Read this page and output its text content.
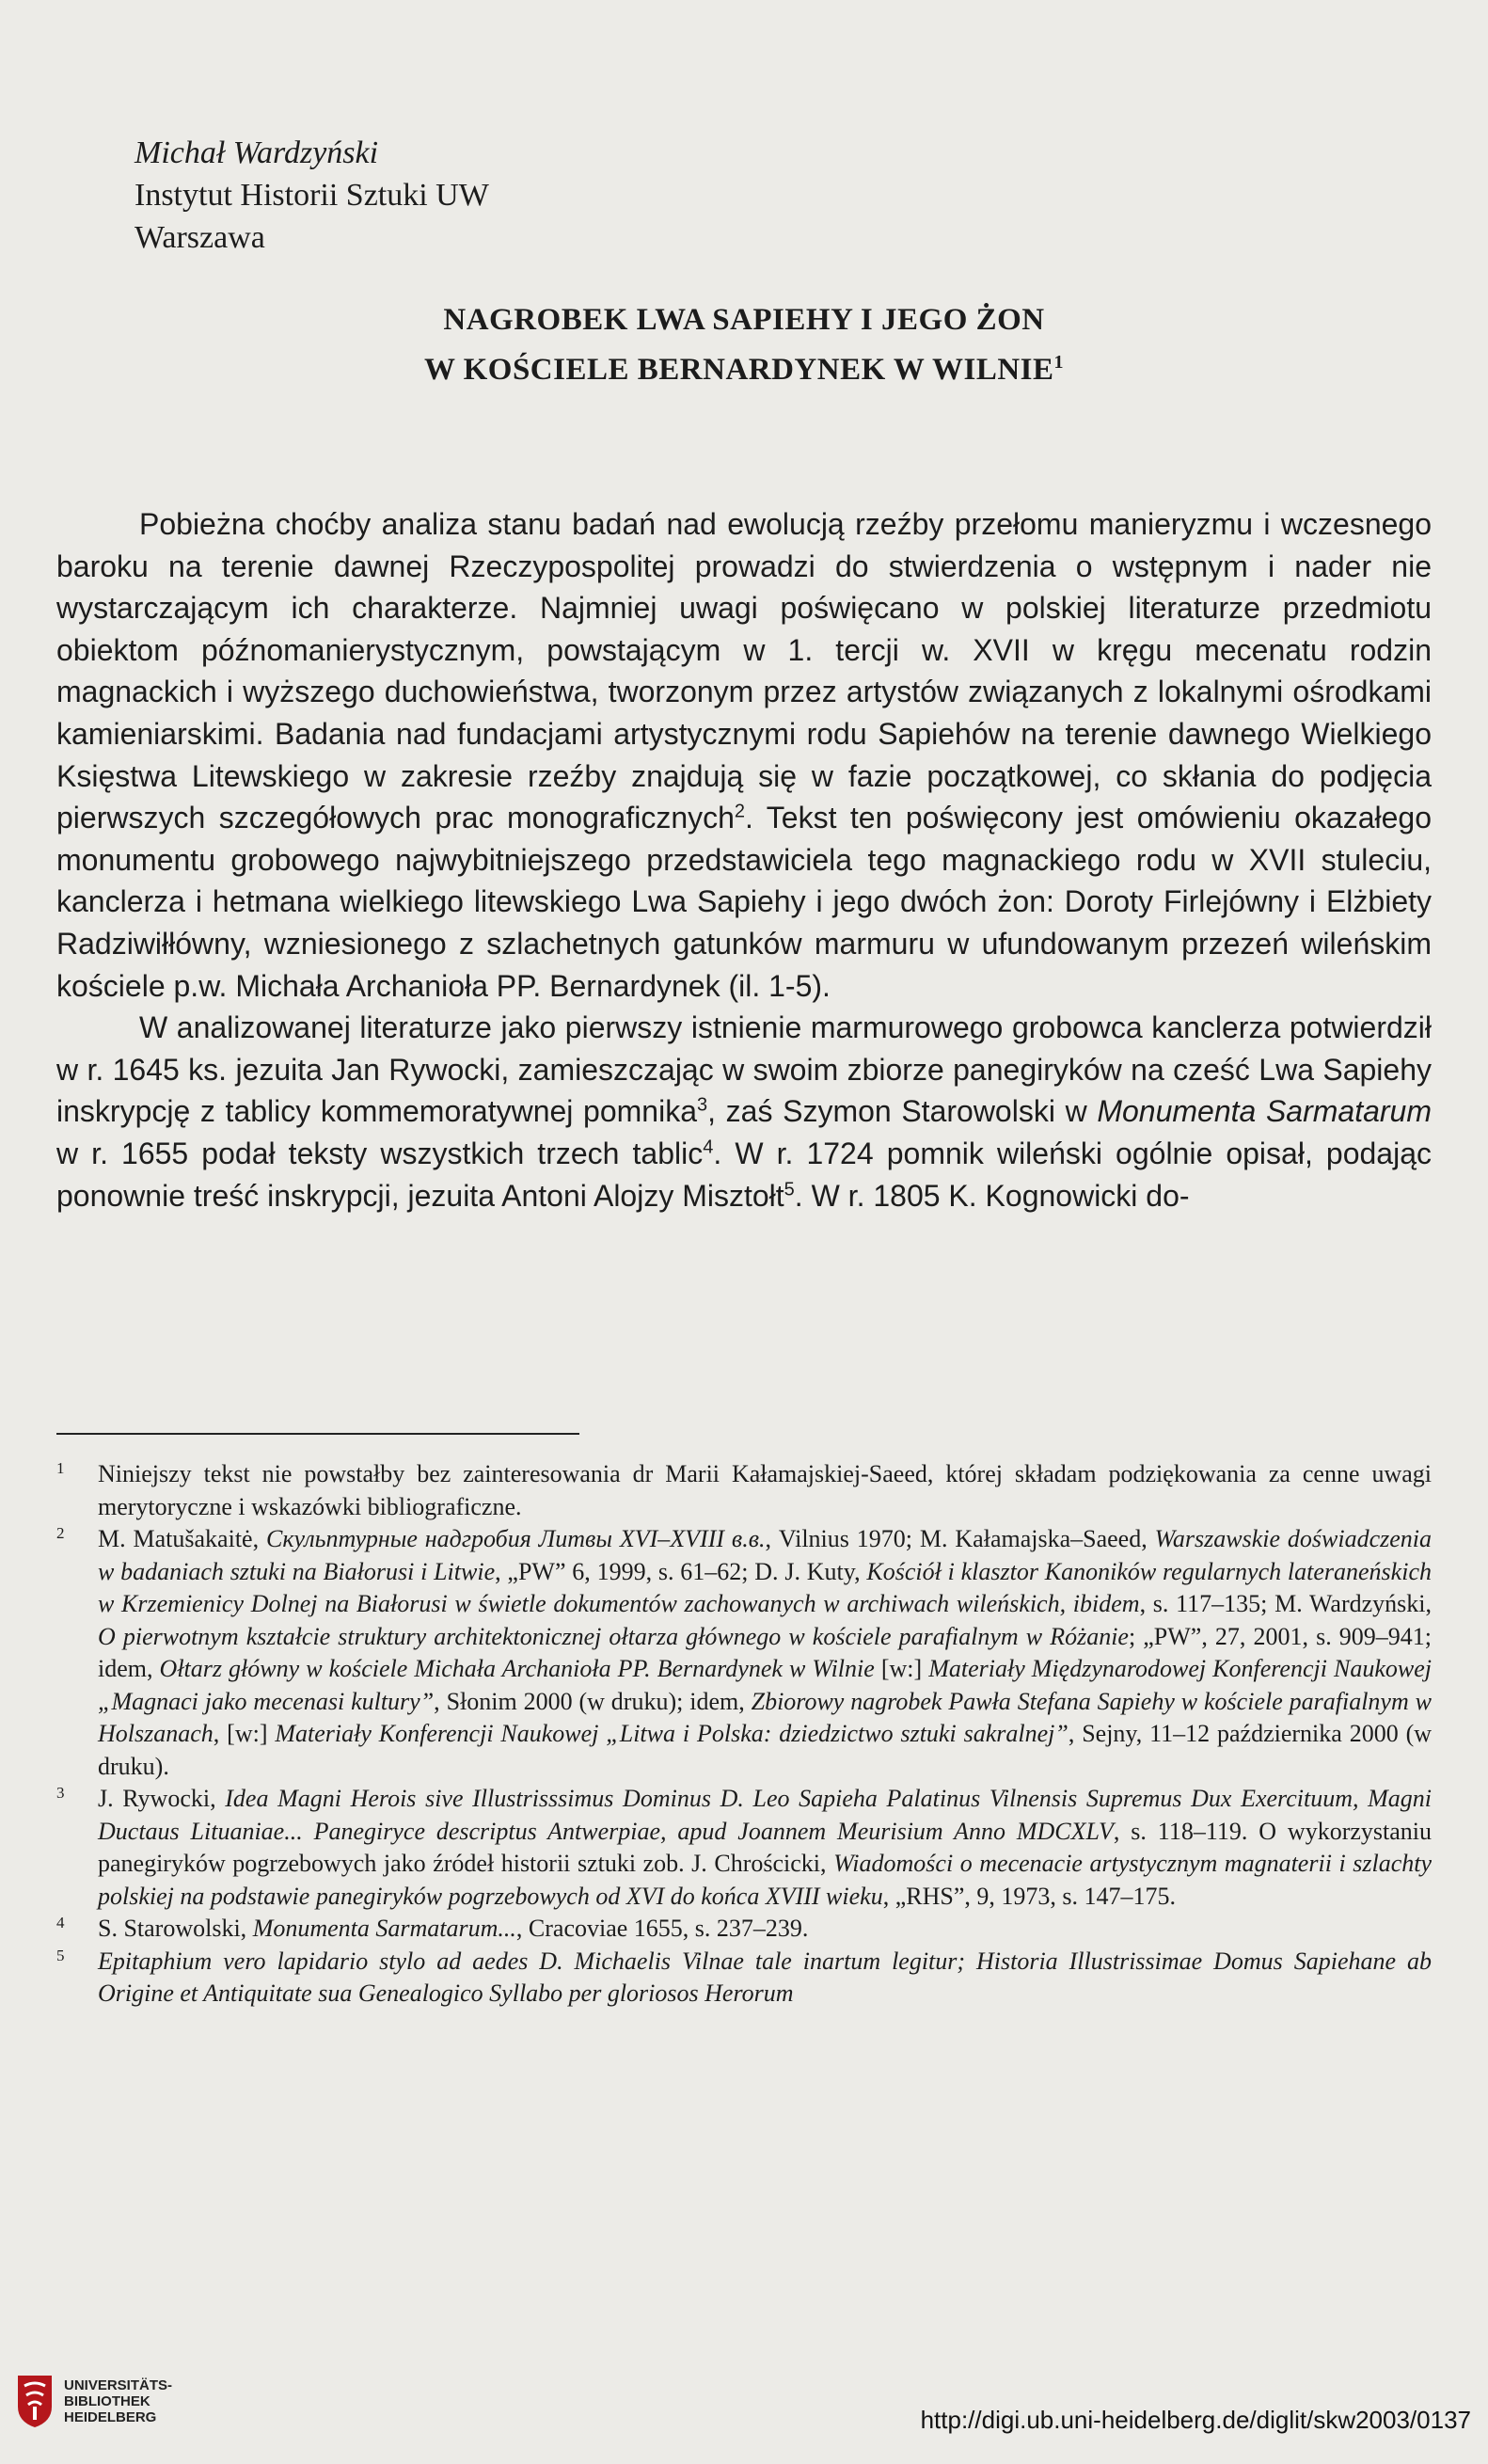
Michał Wardzyński
Instytut Historii Sztuki UW
Warszawa
NAGROBEK LWA SAPIEHY I JEGO ŻON
W KOŚCIELE BERNARDYNEK W WILNIE$^1$

Pobieżna choćby analiza stanu badań nad ewolucją rzeźby przełomu manieryzmu i wczesnego baroku na terenie dawnej Rzeczypospolitej prowadzi do stwierdzenia o wstępnym i nader nie wystarczającym ich charakterze. Najmniej uwagi poświęcano w polskiej literaturze przedmiotu obiektom późnomanierystycznym, powstającym w 1. tercji w. XVII w kręgu mecenatu rodzin magnackich i wyższego duchowieństwa, tworzonym przez artystów związanych z lokalnymi ośrodkami kamieniarskimi. Badania nad fundacjami artystycznymi rodu Sapiehów na terenie dawnego Wielkiego Księstwa Litewskiego w zakresie rzeźby znajdują się w fazie początkowej, co skłania do podjęcia pierwszych szczegółowych prac monograficznych$^2$. Tekst ten poświęcony jest omówieniu okazałego monumentu grobowego najwybitniejszego przedstawiciela tego magnackiego rodu w XVII stuleciu, kanclerza i hetmana wielkiego litewskiego Lwa Sapiehy i jego dwóch żon: Doroty Firlejówny i Elżbiety Radziwiłłówny, wzniesionego z szlachetnych gatunków marmuru w ufundowanym przezeń wileńskim kościele p.w. Michała Archanioła PP. Bernardynek (il. 1-5).

W analizowanej literaturze jako pierwszy istnienie marmurowego grobowca kanclerza potwierdził w r. 1645 ks. jezuita Jan Rywocki, zamieszczając w swoim zbiorze panegiryków na cześć Lwa Sapiehy inskrypcję z tablicy kommemoratywnej pomnika$^3$, zaś Szymon Starowolski w Monumenta Sarmatarum w r. 1655 podał teksty wszystkich trzech tablic$^4$. W r. 1724 pomnik wileński ogólnie opisał, podając ponownie treść inskrypcji, jezuita Antoni Alojzy Misztołt$^5$. W r. 1805 K. Kognowicki do-

1 Niniejszy tekst nie powstałby bez zainteresowania dr Marii Kałamajskiej-Saeed, której składam podziękowania za cenne uwagi merytoryczne i wskazówki bibliograficzne.
2 M. Matušakaitė, Скульптурные надгробия Литвы XVI–XVIII в.в., Vilnius 1970; M. Kałamajska–Saeed, Warszawskie doświadczenia w badaniach sztuki na Białorusi i Litwie, „PW” 6, 1999, s. 61–62; D. J. Kuty, Kościół i klasztor Kanoników regularnych lateraneńskich w Krzemienicy Dolnej na Białorusi w świetle dokumentów zachowanych w archiwach wileńskich, ibidem, s. 117–135; M. Wardzyński, O pierwotnym kształcie struktury architektonicznej ołtarza głównego w kościele parafialnym w Różanie; „PW”, 27, 2001, s. 909–941; idem, Ołtarz główny w kościele Michała Archanioła PP. Bernardynek w Wilnie [w:] Materiały Międzynarodowej Konferencji Naukowej „Magnaci jako mecenasi kultury”, Słonim 2000 (w druku); idem, Zbiorowy nagrobek Pawła Stefana Sapiehy w kościele parafialnym w Holszanach, [w:] Materiały Konferencji Naukowej „Litwa i Polska: dziedzictwo sztuki sakralnej”, Sejny, 11–12 października 2000 (w druku).
3 J. Rywocki, Idea Magni Herois sive Illustrisssimus Dominus D. Leo Sapieha Palatinus Vilnensis Supremus Dux Exercituum, Magni Ductaus Lituaniae... Panegiryce descriptus Antwerpiae, apud Joannem Meurisium Anno MDCXLV, s. 118–119. O wykorzystaniu panegiryków pogrzebowych jako źródeł historii sztuki zob. J. Chrościcki, Wiadomości o mecenacie artystycznym magnaterii i szlachty polskiej na podstawie panegiryków pogrzebowych od XVI do końca XVIII wieku, „RHS”, 9, 1973, s. 147–175.
4 S. Starowolski, Monumenta Sarmatarum..., Cracoviae 1655, s. 237–239.
5 Epitaphium vero lapidario stylo ad aedes D. Michaelis Vilnae tale inartum legitur; Historia Illustrissimae Domus Sapiehane ab Origine et Antiquitate sua Genealogico Syllabo per gloriosos Herorum
UNIVERSITÄTS-
BIBLIOTHEK
HEIDELBERG	http://digi.ub.uni-heidelberg.de/diglit/skw2003/0137
